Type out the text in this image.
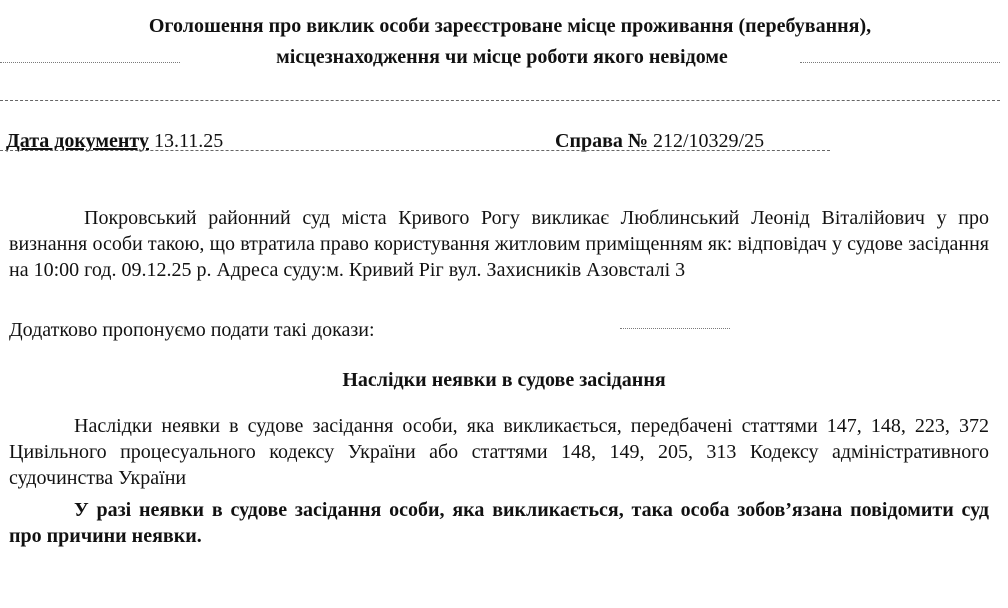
Оголошення про виклик особи зареєстроване місце проживання (перебування),
місцезнаходження чи місце роботи якого невідоме
Дата документу 13.11.25	Справа № 212/10329/25
Покровський районний суд міста Кривого Рогу викликає Люблинський Леонід Віталійович у про визнання особи такою, що втратила право користування житловим приміщенням як: відповідач у судове засідання на 10:00 год. 09.12.25 р. Адреса суду:м. Кривий Ріг вул. Захисників Азовсталі 3
Додатково пропонуємо подати такі докази:
Наслідки неявки в судове засідання
Наслідки неявки в судове засідання особи, яка викликається, передбачені статтями 147, 148, 223, 372 Цивільного процесуального кодексу України або статтями 148, 149, 205, 313 Кодексу адміністративного судочинства України
У разі неявки в судове засідання особи, яка викликається, така особа зобов’язана повідомити суд про причини неявки.
